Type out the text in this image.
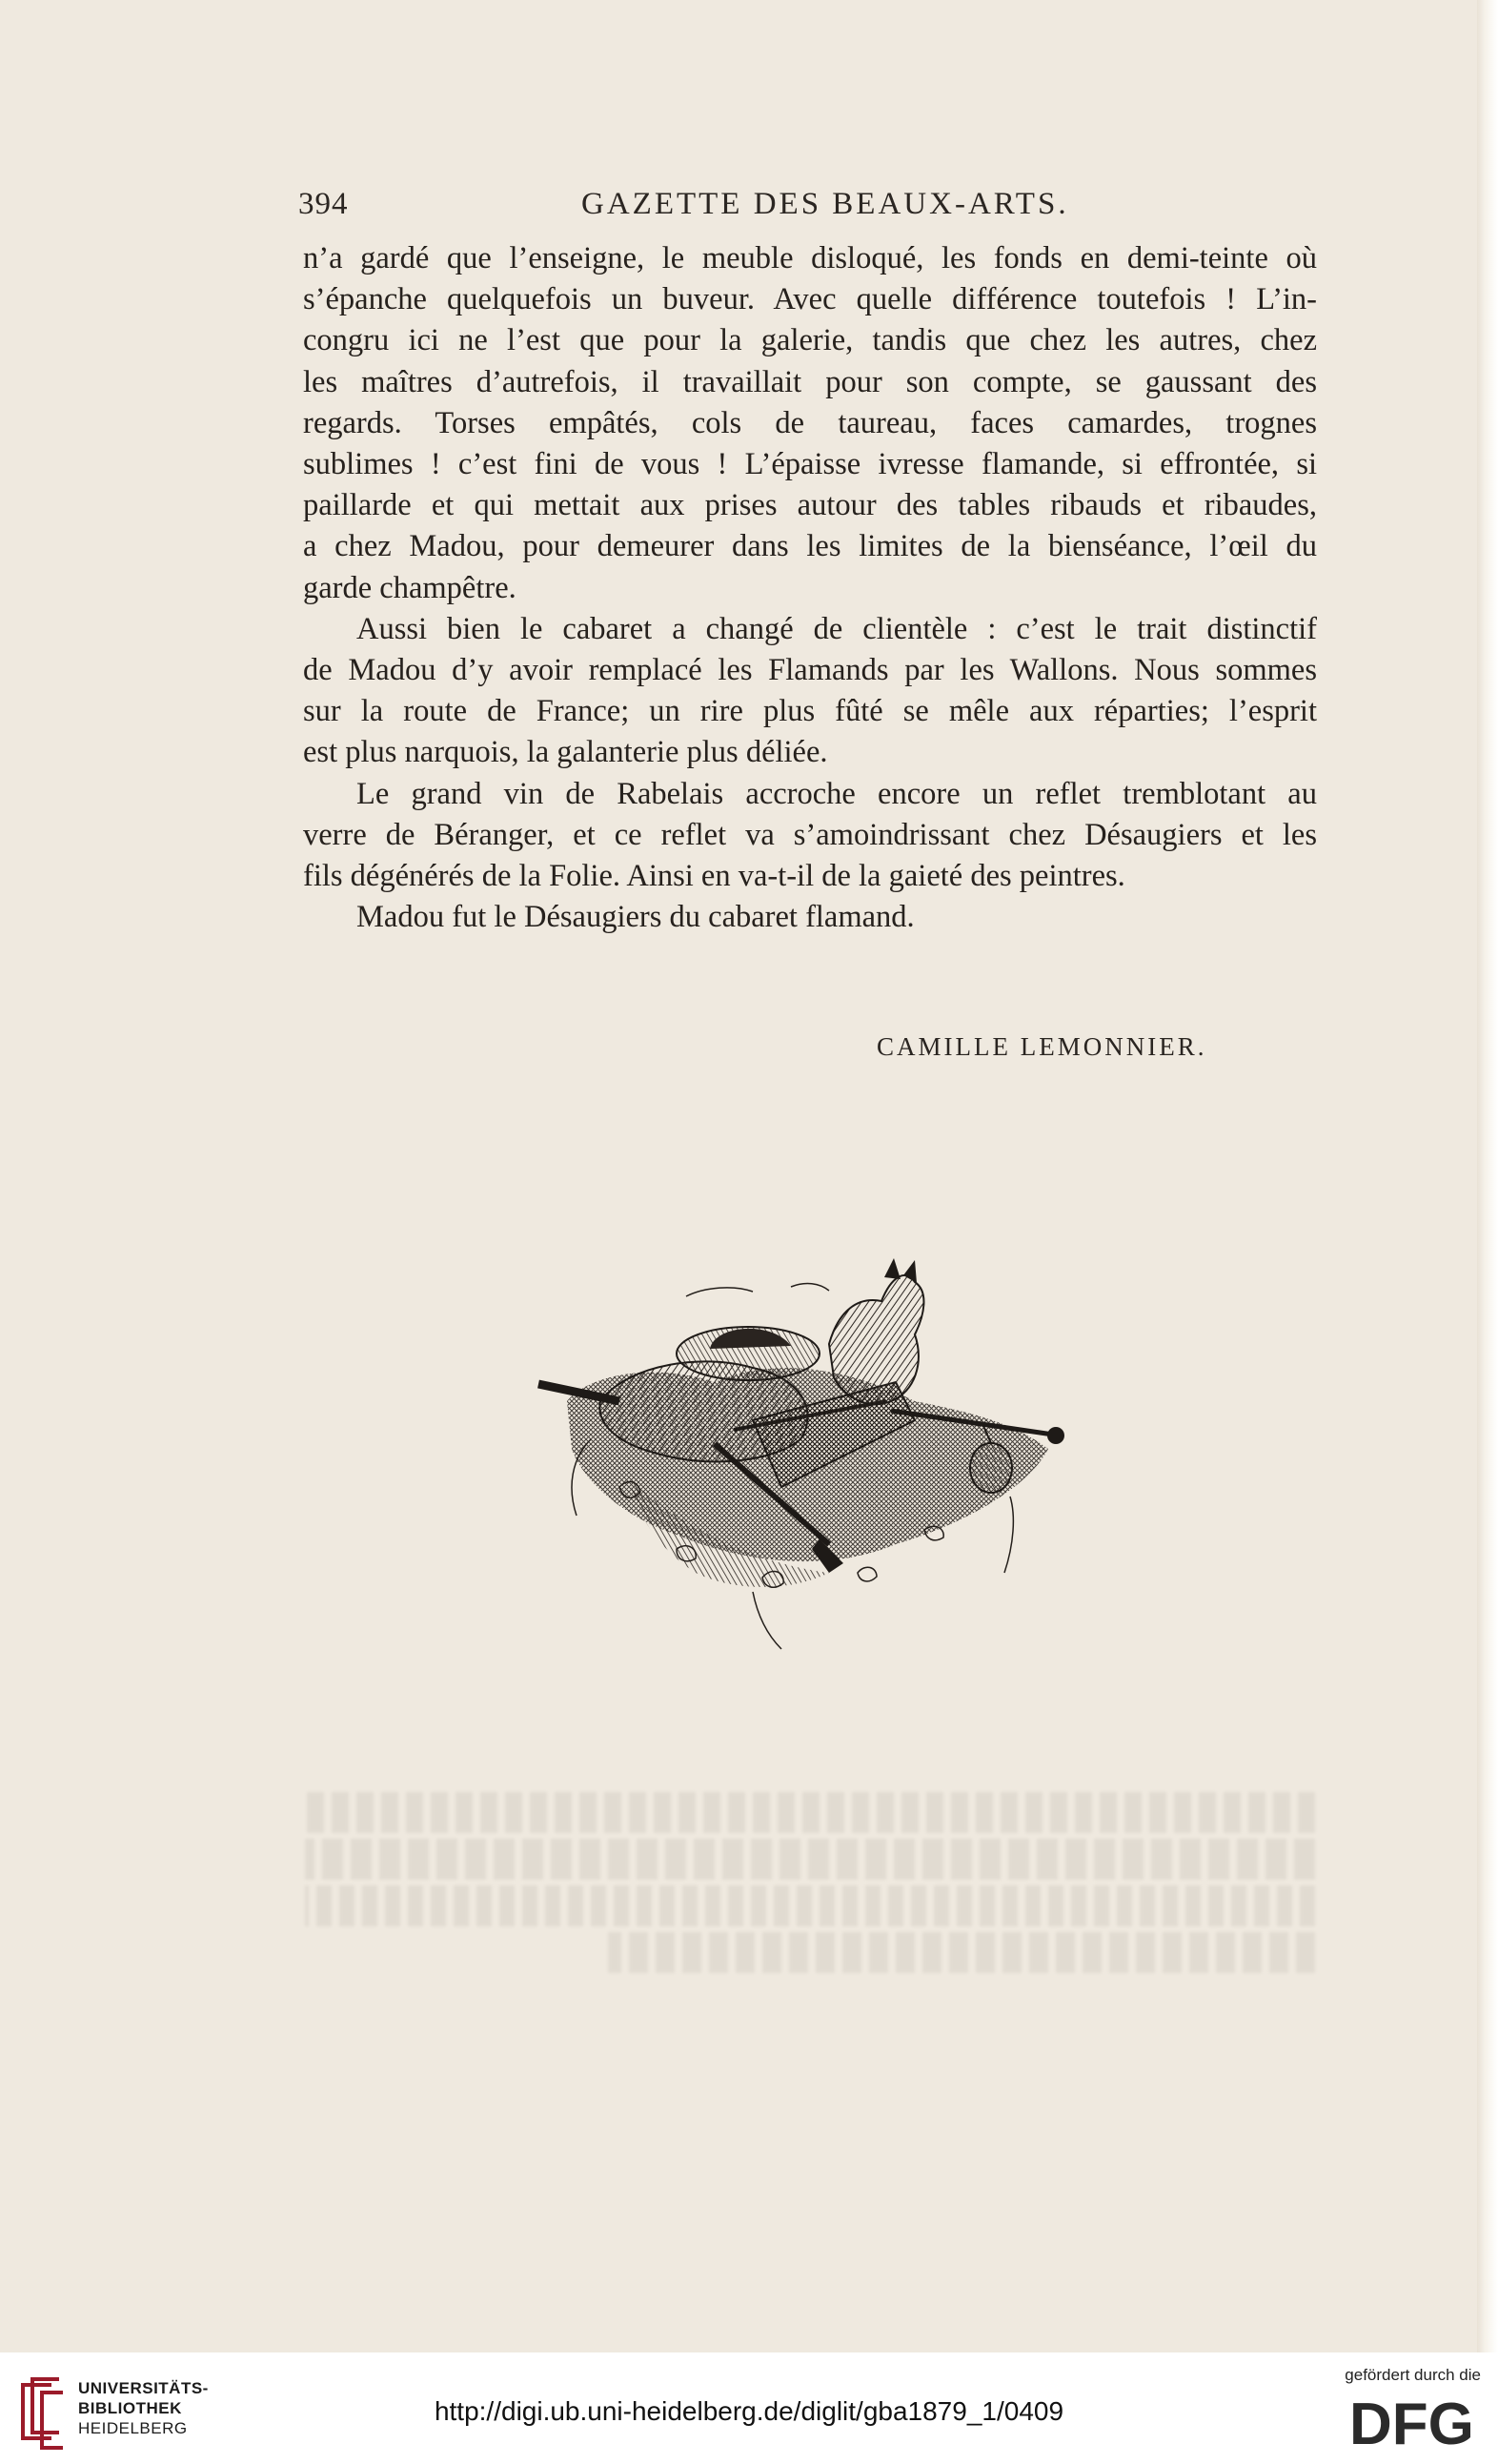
394	GAZETTE DES BEAUX-ARTS.

n’a gardé que l’enseigne, le meuble disloqué, les fonds en demi-teinte où
s’épanche quelquefois un buveur. Avec quelle différence toutefois ! L’in-
congru ici ne l’est que pour la galerie, tandis que chez les autres, chez
les maîtres d’autrefois, il travaillait pour son compte, se gaussant des
regards. Torses empâtés, cols de taureau, faces camardes, trognes
sublimes ! c’est fini de vous ! L’épaisse ivresse flamande, si effrontée, si
paillarde et qui mettait aux prises autour des tables ribauds et ribaudes,
a chez Madou, pour demeurer dans les limites de la bienséance, l’œil du

garde champêtre.

Aussi bien le cabaret a changé de clientèle : c’est le trait distinctif
de Madou d’y avoir remplacé les Flamands par les Wallons. Nous sommes
sur la route de France; un rire plus fûté se mêle aux réparties; l’esprit

est plus narquois, la galanterie plus déliée.

Le grand vin de Rabelais accroche encore un reflet tremblotant au
verre de Béranger, et ce reflet va s’amoindrissant chez Désaugiers et les

fils dégénérés de la Folie. Ainsi en va-t-il de la gaieté des peintres.

Madou fut le Désaugiers du cabaret flamand.

CAMILLE LEMONNIER.
UNIVERSITÄTS-
BIBLIOTHEK
HEIDELBERG
http://digi.ub.uni-heidelberg.de/diglit/gba1879_1/0409
gefördert durch die
DFG
